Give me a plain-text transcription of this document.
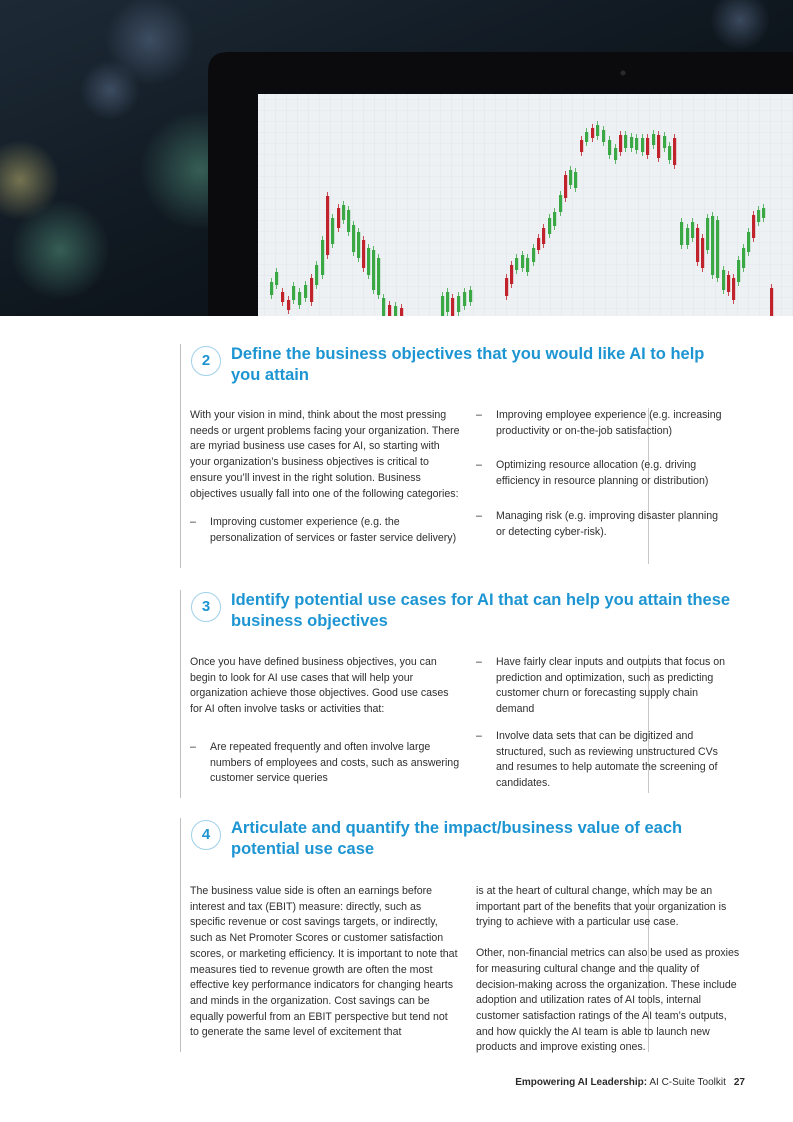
2	Define the business objectives that you would like AI to help you attain

With your vision in mind, think about the most pressing needs or urgent problems facing your organization. There are myriad business use cases for AI, so starting with your organization’s business objectives is critical to ensure you’ll invest in the right solution. Business objectives usually fall into one of the following categories:

– Improving customer experience (e.g. the personalization of services or faster service delivery)
– Improving employee experience (e.g. increasing productivity or on-the-job satisfaction)
– Optimizing resource allocation (e.g. driving efficiency in resource planning or distribution)
– Managing risk (e.g. improving disaster planning or detecting cyber-risk).
3	Identify potential use cases for AI that can help you attain these business objectives

Once you have defined business objectives, you can begin to look for AI use cases that will help your organization achieve those objectives. Good use cases for AI often involve tasks or activities that:

– Are repeated frequently and often involve large numbers of employees and costs, such as answering customer service queries
– Have fairly clear inputs and outputs that focus on prediction and optimization, such as predicting customer churn or forecasting supply chain demand
– Involve data sets that can be digitized and structured, such as reviewing unstructured CVs and resumes to help automate the screening of candidates.
4	Articulate and quantify the impact/business value of each potential use case

The business value side is often an earnings before interest and tax (EBIT) measure: directly, such as specific revenue or cost savings targets, or indirectly, such as Net Promoter Scores or customer satisfaction scores, or marketing efficiency. It is important to note that measures tied to revenue growth are often the most effective key performance indicators for changing hearts and minds in the organization. Cost savings can be equally powerful from an EBIT perspective but tend not to generate the same level of excitement that

is at the heart of cultural change, which may be an important part of the benefits that your organization is trying to achieve with a particular use case.

Other, non-financial metrics can also be used as proxies for measuring cultural change and the quality of decision-making across the organization. These include adoption and utilization rates of AI tools, internal customer satisfaction ratings of the AI team’s outputs, and how quickly the AI team is able to launch new products and improve existing ones.

Empowering AI Leadership: AI C-Suite Toolkit 27
